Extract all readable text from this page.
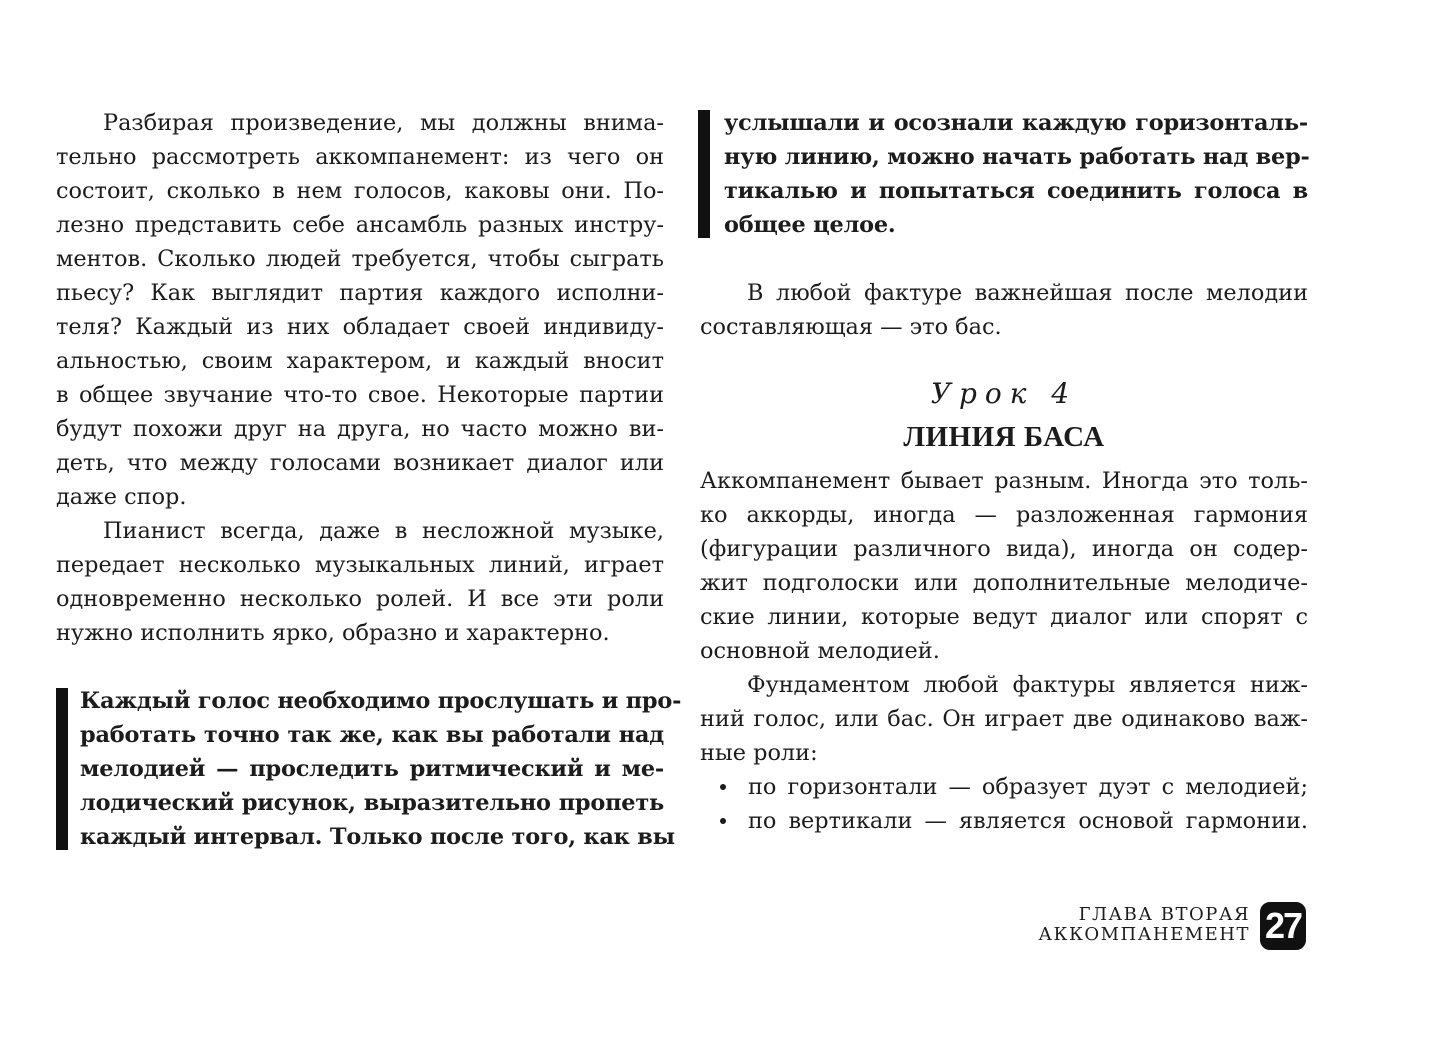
Разбирая произведение, мы должны внима-
тельно рассмотреть аккомпанемент: из чего он
состоит, сколько в нем голосов, каковы они. По-
лезно представить себе ансамбль разных инстру-
ментов. Сколько людей требуется, чтобы сыграть
пьесу? Как выглядит партия каждого исполни-
теля? Каждый из них обладает своей индивиду-
альностью, своим характером, и каждый вносит
в общее звучание что-то свое. Некоторые партии
будут похожи друг на друга, но часто можно ви-
деть, что между голосами возникает диалог или
даже спор.
Пианист всегда, даже в несложной музыке,
передает несколько музыкальных линий, играет
одновременно несколько ролей. И все эти роли
нужно исполнить ярко, образно и характерно.
Каждый голос необходимо прослушать и про-
работать точно так же, как вы работали над
мелодией — проследить ритмический и ме-
лодический рисунок, выразительно пропеть
каждый интервал. Только после того, как вы
услышали и осознали каждую горизонталь-
ную линию, можно начать работать над вер-
тикалью и попытаться соединить голоса в
общее целое.
В любой фактуре важнейшая после мелодии
составляющая — это бас.
Урок 4
ЛИНИЯ БАСА
Аккомпанемент бывает разным. Иногда это толь-
ко аккорды, иногда — разложенная гармония
(фигурации различного вида), иногда он содер-
жит подголоски или дополнительные мелодиче-
ские линии, которые ведут диалог или спорят с
основной мелодией.
Фундаментом любой фактуры является ниж-
ний голос, или бас. Он играет две одинаково важ-
ные роли:
по горизонтали — образует дуэт с мелодией;
по вертикали — является основой гармонии.
ГЛАВА ВТОРАЯ
АККОМПАНЕМЕНТ 27
